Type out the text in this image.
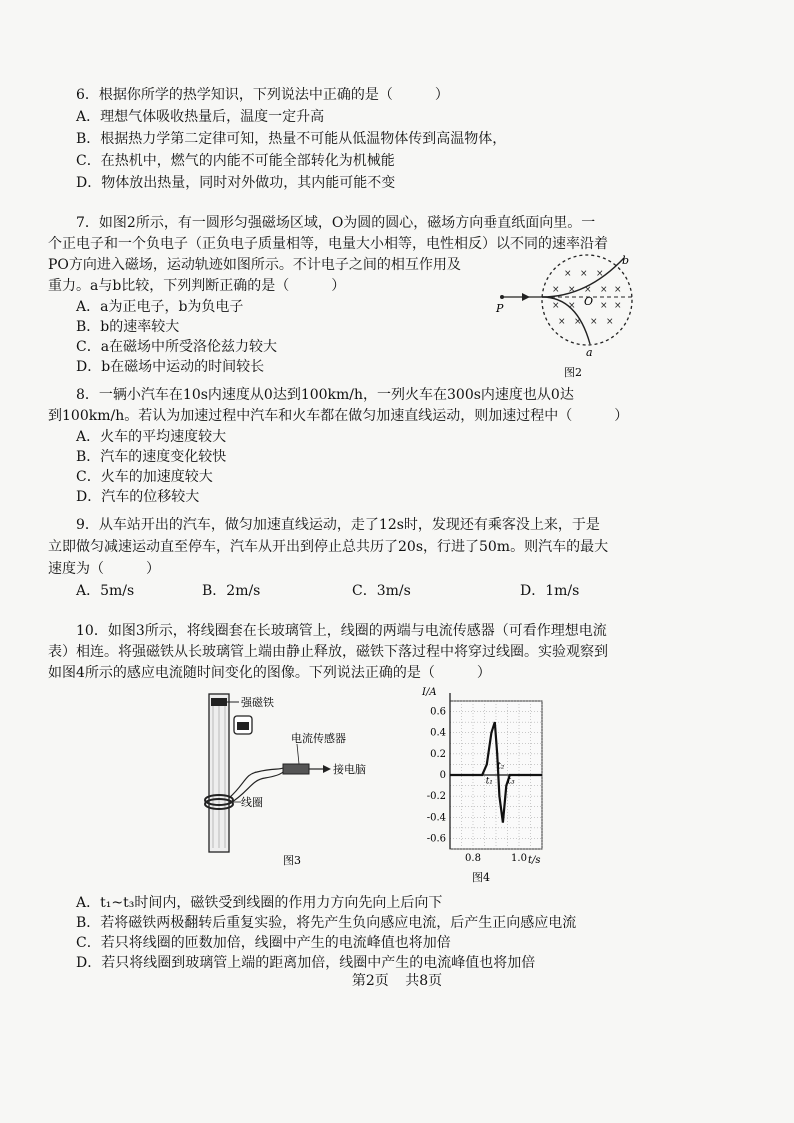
6．根据你所学的热学知识，下列说法中正确的是（　　　）
A．理想气体吸收热量后，温度一定升高
B．根据热力学第二定律可知，热量不可能从低温物体传到高温物体，
C．在热机中，燃气的内能不可能全部转化为机械能
D．物体放出热量，同时对外做功，其内能可能不变
7．如图2所示，有一圆形匀强磁场区域，O为圆的圆心，磁场方向垂直纸面向里。一
个正电子和一个负电子（正负电子质量相等，电量大小相等，电性相反）以不同的速率沿着
PO方向进入磁场，运动轨迹如图所示。不计电子之间的相互作用及
重力。a与b比较，下列判断正确的是（　　　）
A．a为正电子，b为负电子
B．b的速率较大
C．a在磁场中所受洛伦兹力较大
D．b在磁场中运动的时间较长
× × ×
× × × × ×
× ×	× ×
× × × ×
P
O
a
b
图2
8．一辆小汽车在10s内速度从0达到100km/h，一列火车在300s内速度也从0达
到100km/h。若认为加速过程中汽车和火车都在做匀加速直线运动，则加速过程中（　　　）
A．火车的平均速度较大
B．汽车的速度变化较快
C．火车的加速度较大
D．汽车的位移较大
9．从车站开出的汽车，做匀加速直线运动，走了12s时，发现还有乘客没上来，于是
立即做匀减速运动直至停车，汽车从开出到停止总共历了20s，行进了50m。则汽车的最大
速度为（　　　）
A．5m/s	B．2m/s	C．3m/s	D．1m/s
10．如图3所示，将线圈套在长玻璃管上，线圈的两端与电流传感器（可看作理想电流
表）相连。将强磁铁从长玻璃管上端由静止释放，磁铁下落过程中将穿过线圈。实验观察到
如图4所示的感应电流随时间变化的图像。下列说法正确的是（　　　）
强磁铁
电流传感器
接电脑
线圈
图3
0.6
0.4
0.2
0
-0.2
-0.4
-0.6
0.8	1.0
I/A
t/s
t₁
t₂
t₃
图4
A．t₁~t₃时间内，磁铁受到线圈的作用力方向先向上后向下
B．若将磁铁两极翻转后重复实验，将先产生负向感应电流，后产生正向感应电流
C．若只将线圈的匝数加倍，线圈中产生的电流峰值也将加倍
D．若只将线圈到玻璃管上端的距离加倍，线圈中产生的电流峰值也将加倍
第2页 共8页
